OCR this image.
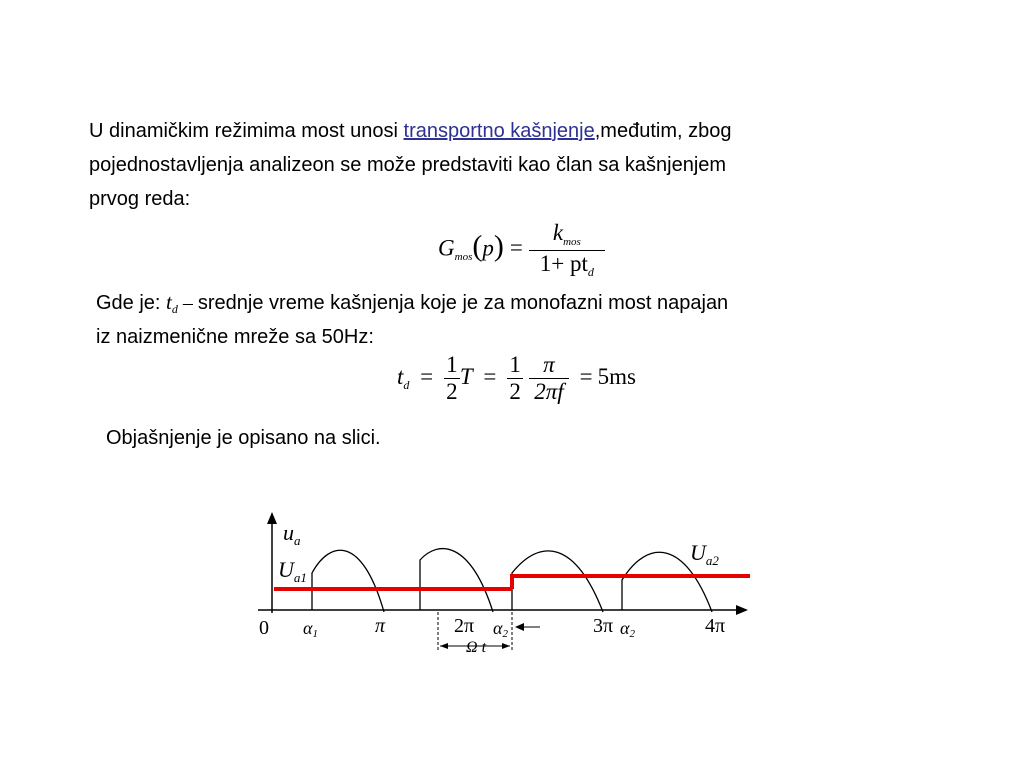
U dinamičkim režimima most unosi transportno kašnjenje,međutim, zbog
pojednostavljenja analizeon se može predstaviti kao član sa kašnjenjem
prvog reda:
$G_{mos}(p) = \frac{k_{mos}}{1+ pt_d}$
Gde je: $t_d$ – srednje vreme kašnjenja koje je za monofazni most napajan
iz naizmenične mreže sa 50Hz:
$t_d = \frac{1}{2}$ $T = \frac{1}{2}$
$\frac{\pi}{2\pi f} = 5ms$
Objašnjenje je opisano na slici.
$u_a$
$U_{a1}$
$U_{a2}$
0 α1	π	2π α2	3π α2	4π
Ω t
